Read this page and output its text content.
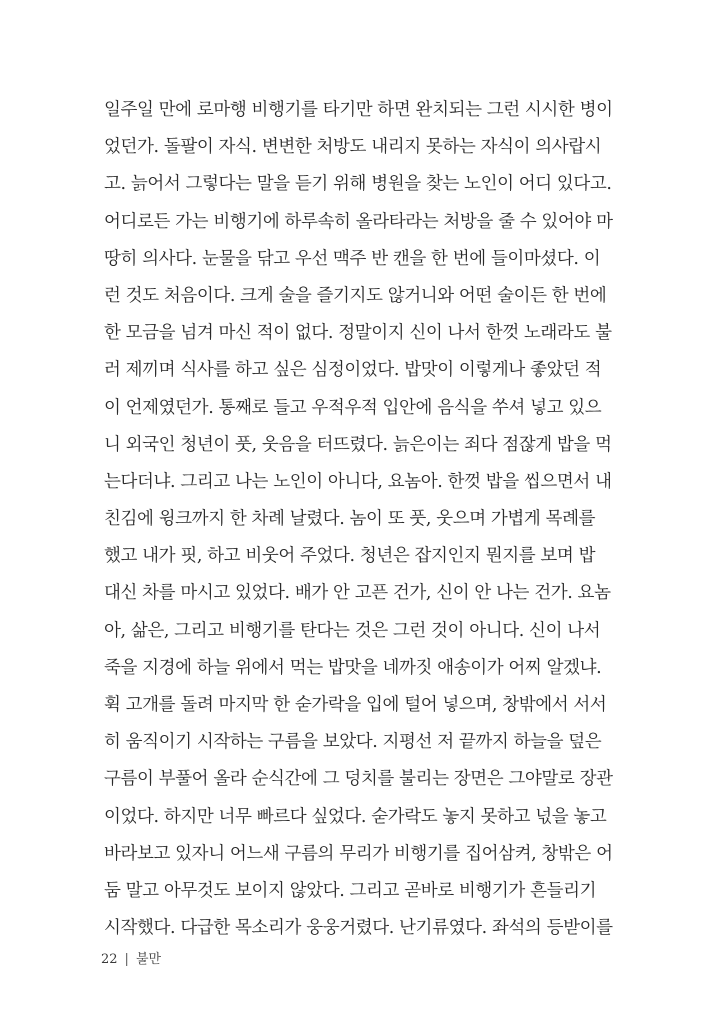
일주일 만에 로마행 비행기를 타기만 하면 완치되는 그런 시시한 병이
었던가. 돌팔이 자식. 변변한 처방도 내리지 못하는 자식이 의사랍시
고. 늙어서 그렇다는 말을 듣기 위해 병원을 찾는 노인이 어디 있다고.
어디로든 가는 비행기에 하루속히 올라타라는 처방을 줄 수 있어야 마
땅히 의사다. 눈물을 닦고 우선 맥주 반 캔을 한 번에 들이마셨다. 이
런 것도 처음이다. 크게 술을 즐기지도 않거니와 어떤 술이든 한 번에
한 모금을 넘겨 마신 적이 없다. 정말이지 신이 나서 한껏 노래라도 불
러 제끼며 식사를 하고 싶은 심정이었다. 밥맛이 이렇게나 좋았던 적
이 언제였던가. 통째로 들고 우적우적 입안에 음식을 쑤셔 넣고 있으
니 외국인 청년이 풋, 웃음을 터뜨렸다. 늙은이는 죄다 점잖게 밥을 먹
는다더냐. 그리고 나는 노인이 아니다, 요놈아. 한껏 밥을 씹으면서 내
친김에 윙크까지 한 차례 날렸다. 놈이 또 풋, 웃으며 가볍게 목례를
했고 내가 핏, 하고 비웃어 주었다. 청년은 잡지인지 뭔지를 보며 밥
대신 차를 마시고 있었다. 배가 안 고픈 건가, 신이 안 나는 건가. 요놈
아, 삶은, 그리고 비행기를 탄다는 것은 그런 것이 아니다. 신이 나서
죽을 지경에 하늘 위에서 먹는 밥맛을 네까짓 애송이가 어찌 알겠냐.
휙 고개를 돌려 마지막 한 숟가락을 입에 털어 넣으며, 창밖에서 서서
히 움직이기 시작하는 구름을 보았다. 지평선 저 끝까지 하늘을 덮은
구름이 부풀어 올라 순식간에 그 덩치를 불리는 장면은 그야말로 장관
이었다. 하지만 너무 빠르다 싶었다. 숟가락도 놓지 못하고 넋을 놓고
바라보고 있자니 어느새 구름의 무리가 비행기를 집어삼켜, 창밖은 어
둠 말고 아무것도 보이지 않았다. 그리고 곧바로 비행기가 흔들리기
시작했다. 다급한 목소리가 웅웅거렸다. 난기류였다. 좌석의 등받이를
22 | 불만
